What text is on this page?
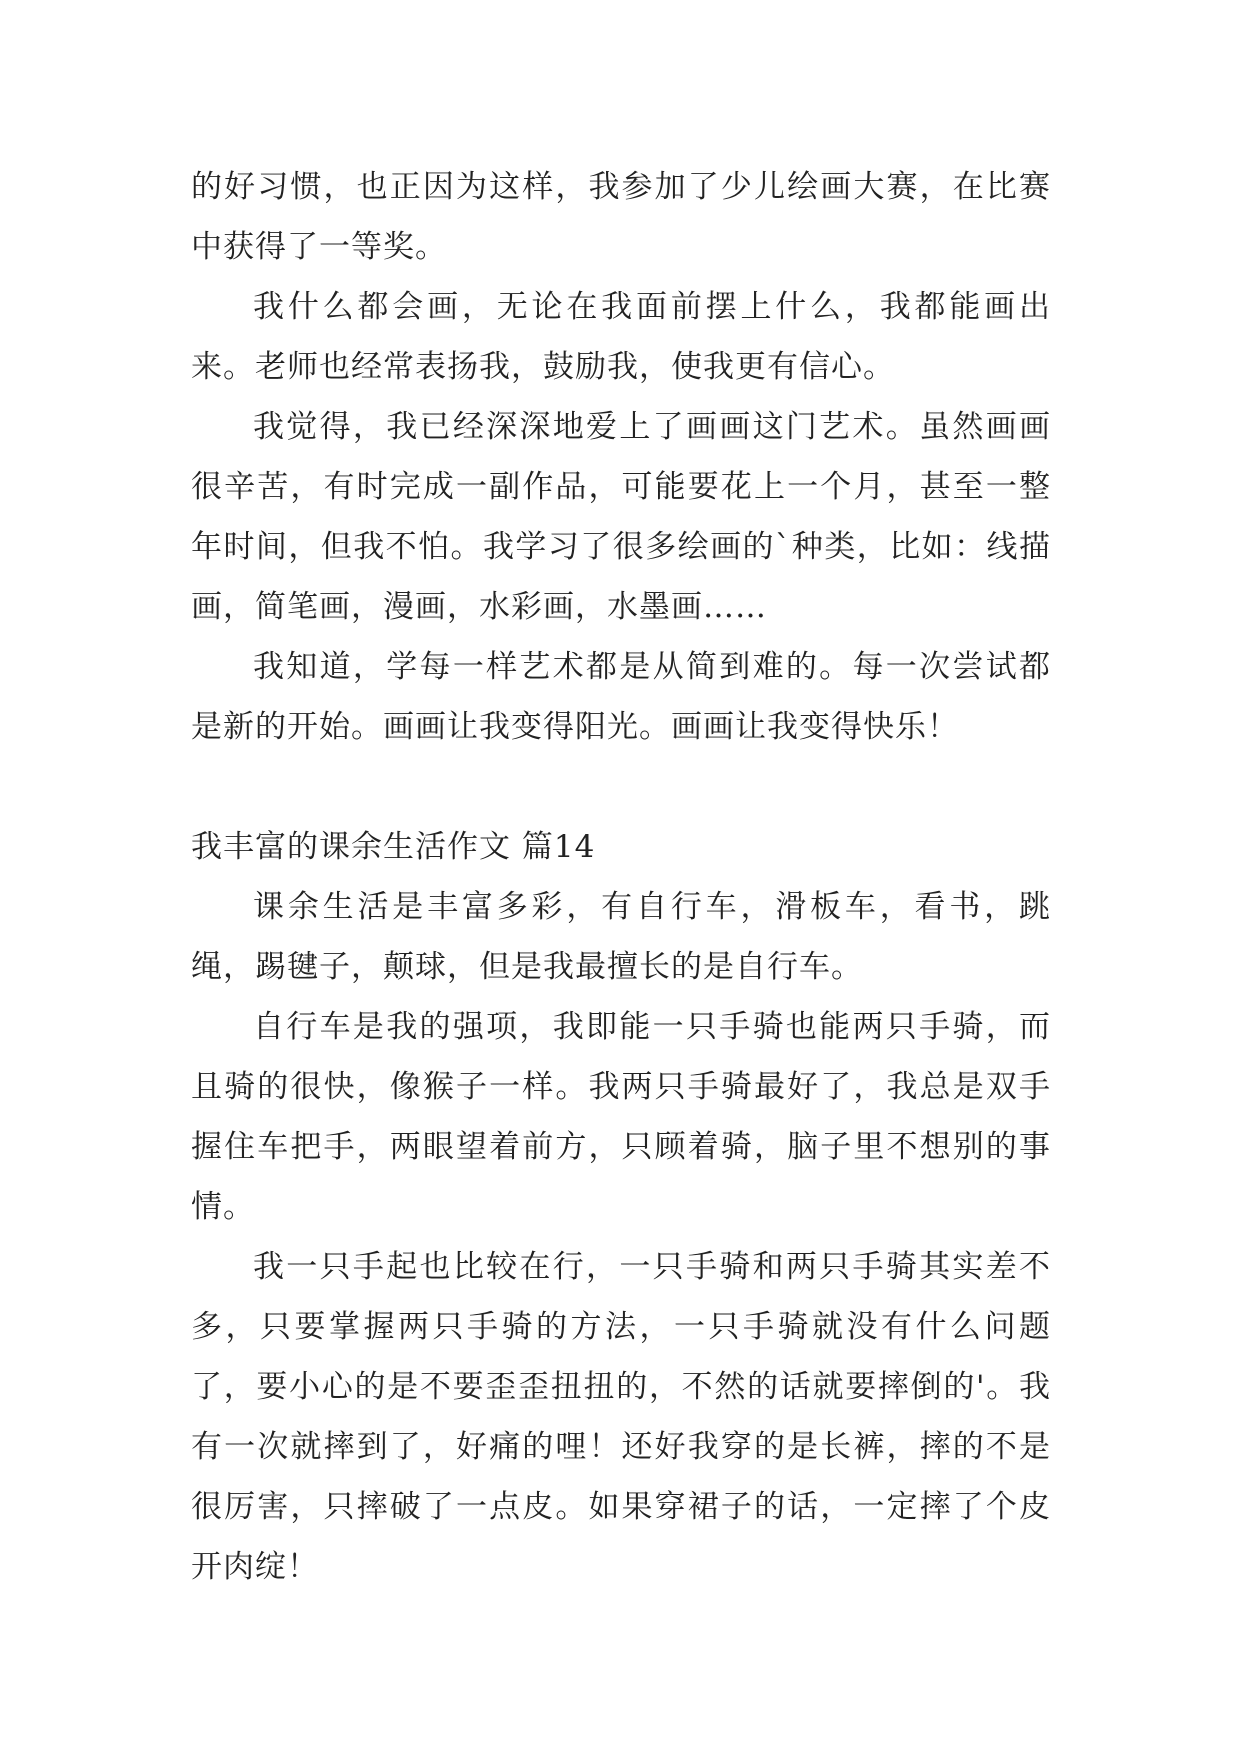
的好习惯，也正因为这样，我参加了少儿绘画大赛，在比赛中获得了一等奖。

我什么都会画，无论在我面前摆上什么，我都能画出来。老师也经常表扬我，鼓励我，使我更有信心。

我觉得，我已经深深地爱上了画画这门艺术。虽然画画很辛苦，有时完成一副作品，可能要花上一个月，甚至一整年时间，但我不怕。我学习了很多绘画的`种类，比如：线描画，简笔画，漫画，水彩画，水墨画……

我知道，学每一样艺术都是从简到难的。每一次尝试都是新的开始。画画让我变得阳光。画画让我变得快乐！

我丰富的课余生活作文 篇14

课余生活是丰富多彩，有自行车，滑板车，看书，跳绳，踢毽子，颠球，但是我最擅长的是自行车。

自行车是我的强项，我即能一只手骑也能两只手骑，而且骑的很快，像猴子一样。我两只手骑最好了，我总是双手握住车把手，两眼望着前方，只顾着骑，脑子里不想别的事情。

我一只手起也比较在行，一只手骑和两只手骑其实差不多，只要掌握两只手骑的方法，一只手骑就没有什么问题了，要小心的是不要歪歪扭扭的，不然的话就要摔倒的'。我有一次就摔到了，好痛的哩！还好我穿的是长裤，摔的不是很厉害，只摔破了一点皮。如果穿裙子的话，一定摔了个皮开肉绽！
